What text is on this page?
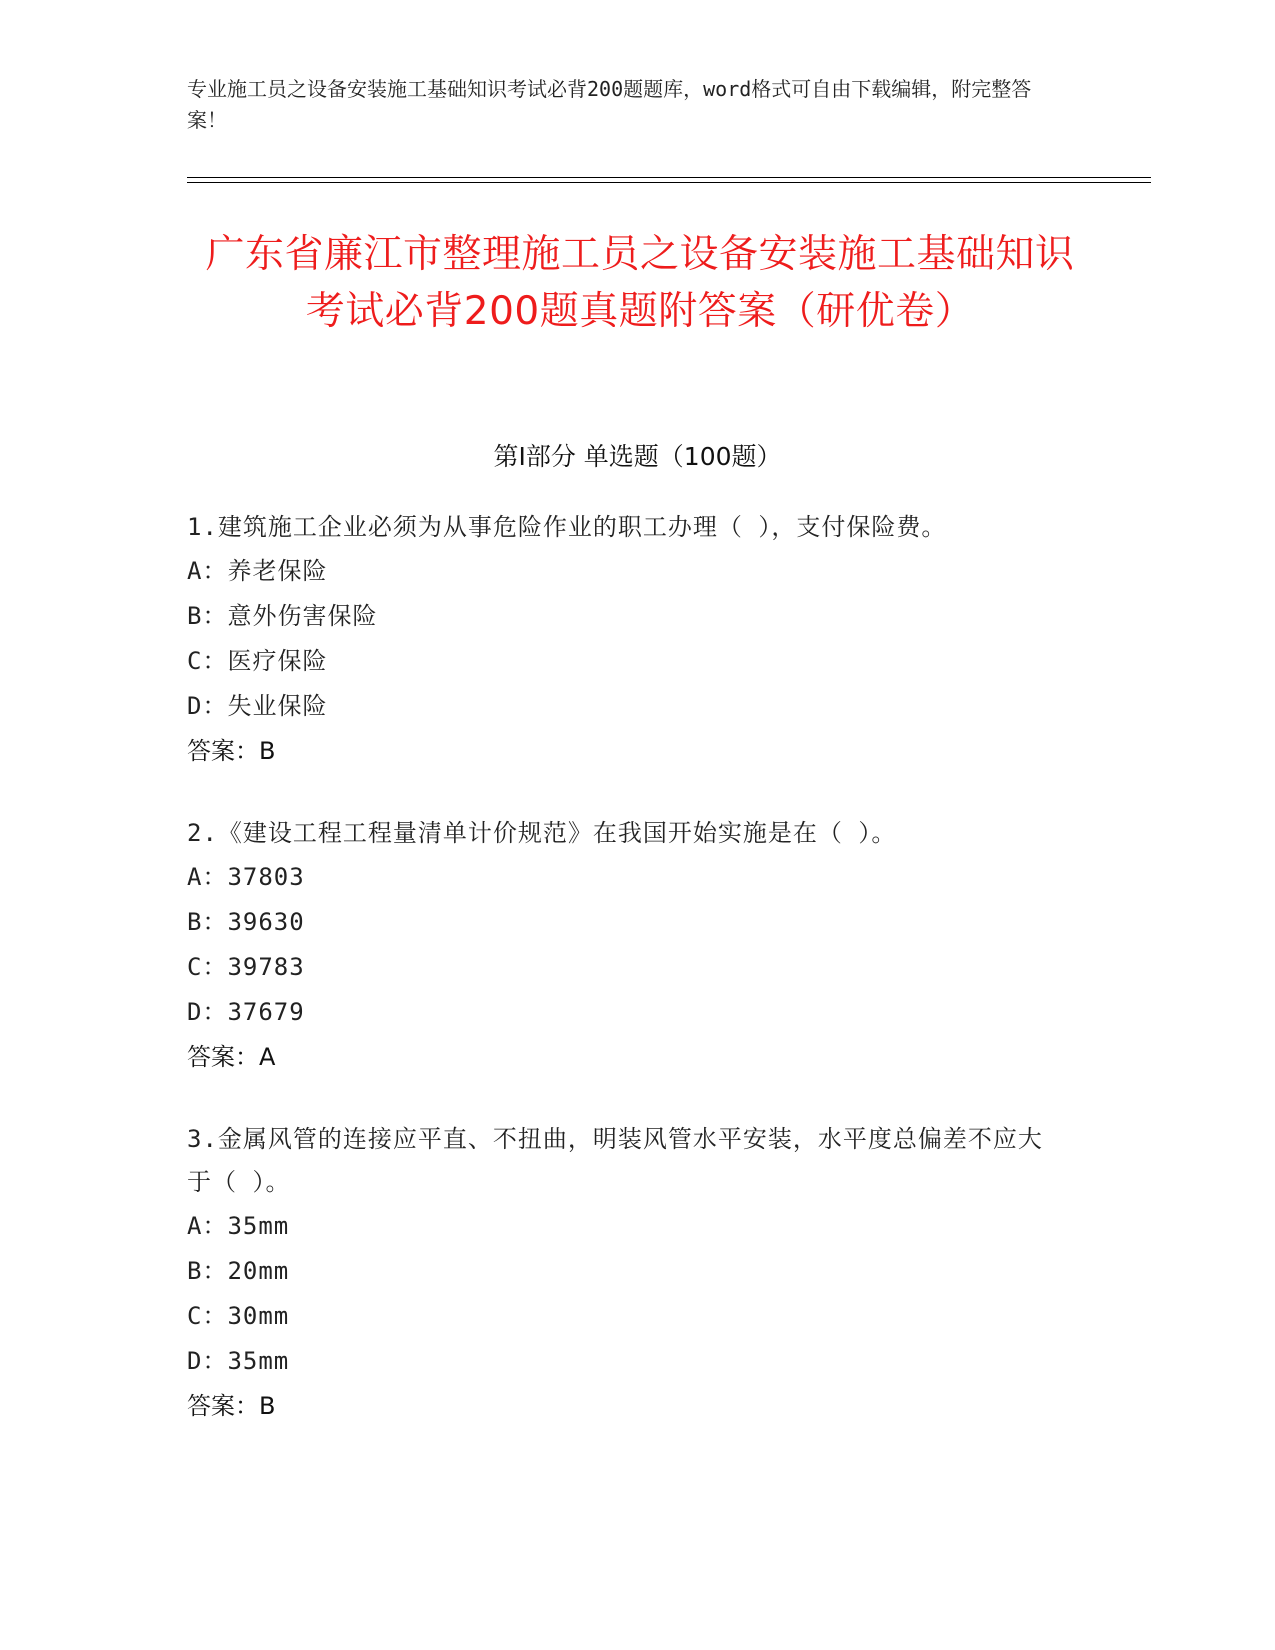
专业施工员之设备安装施工基础知识考试必背200题题库，word格式可自由下载编辑，附完整答案！
广东省廉江市整理施工员之设备安装施工基础知识考试必背200题真题附答案（研优卷）
第Ⅰ部分 单选题（100题）
1.建筑施工企业必须为从事危险作业的职工办理（ ），支付保险费。
A：养老保险
B：意外伤害保险
C：医疗保险
D：失业保险
答案：B
2.《建设工程工程量清单计价规范》在我国开始实施是在（ ）。
A：37803
B：39630
C：39783
D：37679
答案：A
3.金属风管的连接应平直、不扭曲，明装风管水平安装，水平度总偏差不应大于（ ）。
A：35mm
B：20mm
C：30mm
D：35mm
答案：B
